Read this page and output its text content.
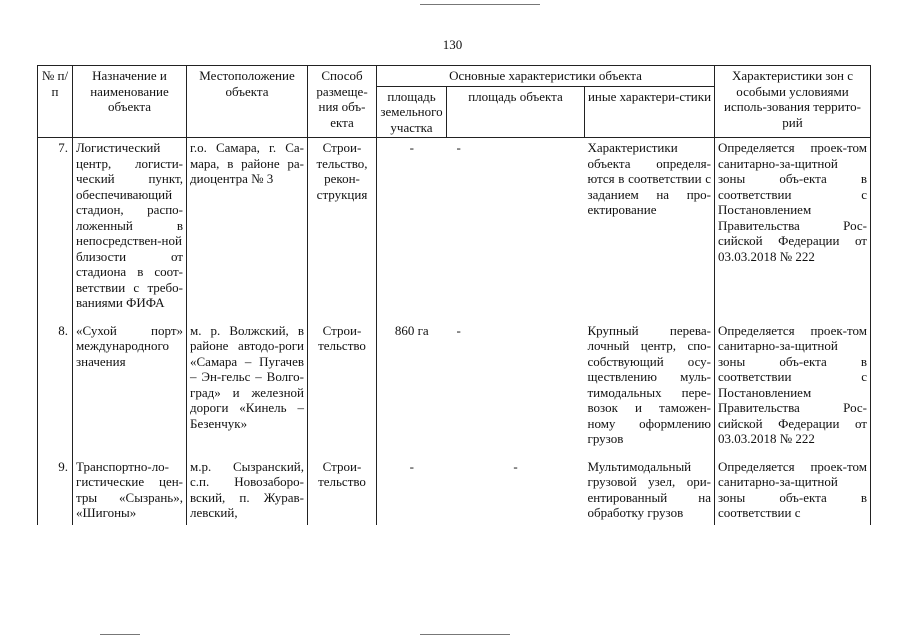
130
№ п/п	Назначение и наименование объекта	Местоположение объекта	Способ размеще-ния объ-екта	Основные характеристики объекта			Характеристики зон с особыми условиями исполь-зования террито-рий
				площадь земельного участка	площадь объекта	иные характери-стики	
7.	Логистический центр, логисти-ческий пункт, обеспечивающий стадион, распо-ложенный в непосредствен-ной близости от стадиона в соот-ветствии с требо-ваниями ФИФА	г.о. Самара, г. Са-мара, в районе ра-диоцентра № 3	Строи-тельство, рекон-струкция	-	-	Характеристики объекта определя-ются в соответствии с заданием на про-ектирование	Определяется проек-том санитарно-за-щитной зоны объ-екта в соответствии с Постановлением Правительства Рос-сийской Федерации от 03.03.2018 № 222
8.	«Сухой порт» международного значения	м. р. Волжский, в районе автодо-роги «Самара – Пугачев – Эн-гельс – Волго-град» и железной дороги «Кинель – Безенчук»	Строи-тельство	860 га	-	Крупный перева-лочный центр, спо-собствующий осу-ществлению муль-тимодальных пере-возок и таможен-ному оформлению грузов	Определяется проек-том санитарно-за-щитной зоны объ-екта в соответствии с Постановлением Правительства Рос-сийской Федерации от 03.03.2018 № 222
9.	Транспортно-ло-гистические цен-тры «Сызрань», «Шигоны»	м.р. Сызранский, с.п. Новозаборо-вский, п. Журав-левский,	Строи-тельство	-	-	Мультимодальный грузовой узел, ори-ентированный на обработку грузов	Определяется проек-том санитарно-за-щитной зоны объ-екта в соответствии с
